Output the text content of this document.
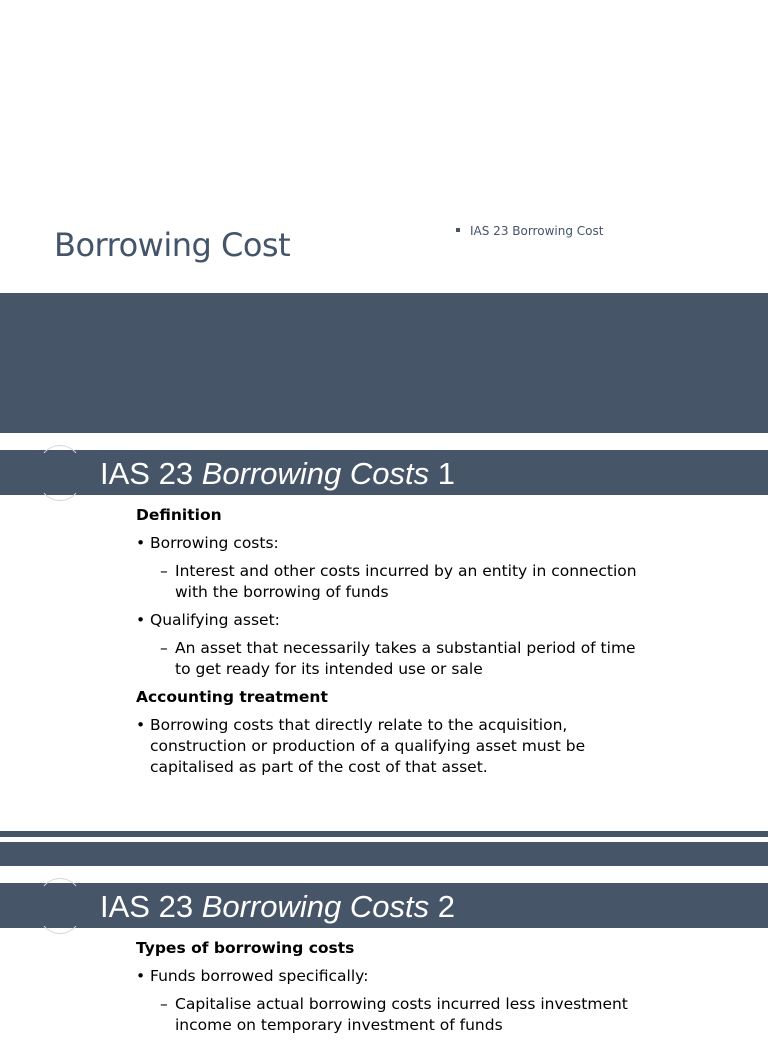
Borrowing Cost	IAS 23 Borrowing Cost
IAS 23 Borrowing Costs 1
Definition
• Borrowing costs:
– Interest and other costs incurred by an entity in connection with the borrowing of funds
• Qualifying asset:
– An asset that necessarily takes a substantial period of time to get ready for its intended use or sale
Accounting treatment
• Borrowing costs that directly relate to the acquisition, construction or production of a qualifying asset must be capitalised as part of the cost of that asset.
IAS 23 Borrowing Costs 2
Types of borrowing costs
• Funds borrowed specifically:
– Capitalise actual borrowing costs incurred less investment income on temporary investment of funds
